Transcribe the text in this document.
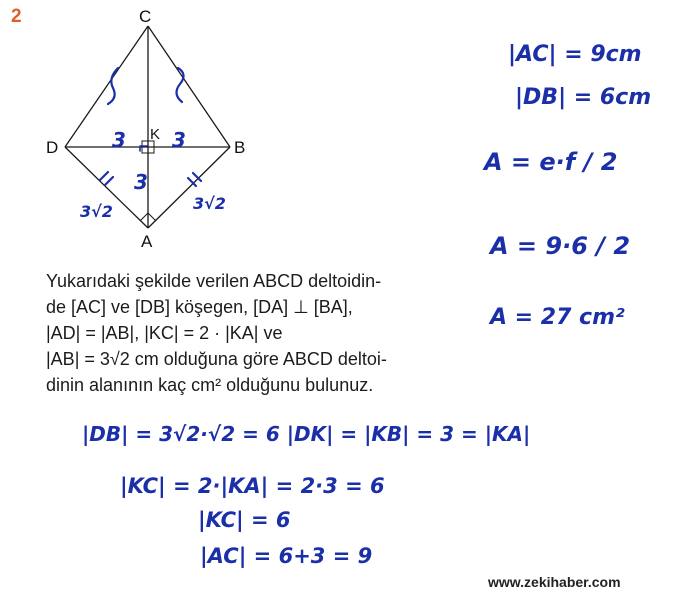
2	C
D	B
A
K
3 3
3
3√2	3√2
Yukarıdaki şekilde verilen ABCD deltoidin-
de [AC] ve [DB] köşegen, [DA] ⊥ [BA],
|AD| = |AB|, |KC| = 2 · |KA| ve
|AB| = 3√2 cm olduğuna göre ABCD deltoi-
dinin alanının kaç cm² olduğunu bulunuz.
|AC| = 9cm
|DB| = 6cm
A = e·f / 2
A = 9·6 / 2
A = 27 cm²
|DB| = 3√2·√2 = 6 |DK| = |KB| = 3 = |KA|
|KC| = 2·|KA| = 2·3 = 6
|KC| = 6
|AC| = 6+3 = 9
www.zekihaber.com
